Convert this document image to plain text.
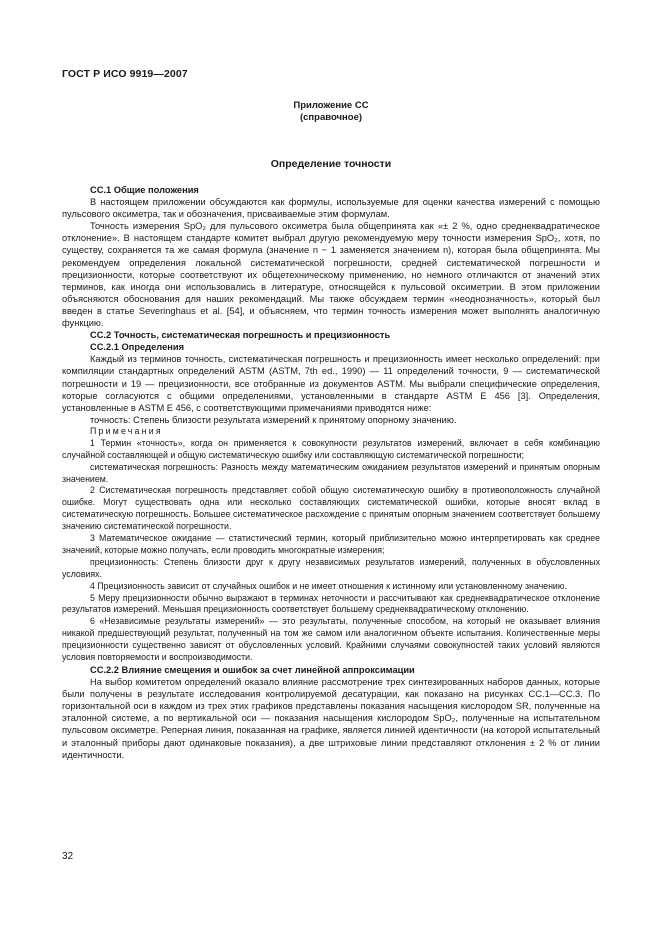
ГОСТ Р ИСО 9919—2007
Приложение СС
(справочное)
Определение точности

СС.1 Общие положения

В настоящем приложении обсуждаются как формулы, используемые для оценки качества измерений с помощью пульсового оксиметра, так и обозначения, присваиваемые этим формулам.

Точность измерения SpO₂ для пульсового оксиметра была общепринята как «± 2 %, одно среднеквадратическое отклонение». В настоящем стандарте комитет выбрал другую рекомендуемую меру точности измерения SpO₂, хотя, по существу, сохраняется та же самая формула (значение n − 1 заменяется значением n), которая была общепринята. Мы рекомендуем определения локальной систематической погрешности, средней систематической погрешности и прецизионности, которые соответствуют их общетехническому применению, но немного отличаются от значений этих терминов, как иногда они использовались в литературе, относящейся к пульсовой оксиметрии. В этом приложении объясняются обоснования для наших рекомендаций. Мы также обсуждаем термин «неоднозначность», который был введен в статье Severinghaus et al. [54], и объясняем, что термин точность измерения может выполнять аналогичную функцию.

СС.2 Точность, систематическая погрешность и прецизионность

СС.2.1 Определения

Каждый из терминов точность, систематическая погрешность и прецизионность имеет несколько определений: при компиляции стандартных определений ASTM (ASTM, 7th ed., 1990) — 11 определений точности, 9 — систематической погрешности и 19 — прецизионности, все отобранные из документов ASTM. Мы выбрали специфические определения, которые согласуются с общими определениями, установленными в стандарте ASTM E 456 [3]. Определения, установленные в ASTM E 456, с соответствующими примечаниями приводятся ниже:

точность: Степень близости результата измерений к принятому опорному значению.

Примечания

1 Термин «точность», когда он применяется к совокупности результатов измерений, включает в себя комбинацию случайной составляющей и общую систематическую ошибку или составляющую систематической погрешности;

систематическая погрешность: Разность между математическим ожиданием результатов измерений и принятым опорным значением.

2 Систематическая погрешность представляет собой общую систематическую ошибку в противоположность случайной ошибке. Могут существовать одна или несколько составляющих систематической ошибки, которые вносят вклад в систематическую погрешность. Большее систематическое расхождение с принятым опорным значением соответствует большему значению систематической погрешности.

3 Математическое ожидание — статистический термин, который приблизительно можно интерпретировать как среднее значений, которые можно получать, если проводить многократные измерения;

прецизионность: Степень близости друг к другу независимых результатов измерений, полученных в обусловленных условиях.

4 Прецизионность зависит от случайных ошибок и не имеет отношения к истинному или установленному значению.

5 Меру прецизионности обычно выражают в терминах неточности и рассчитывают как среднеквадратическое отклонение результатов измерений. Меньшая прецизионность соответствует большему среднеквадратическому отклонению.

6 «Независимые результаты измерений» — это результаты, полученные способом, на который не оказывает влияния никакой предшествующий результат, полученный на том же самом или аналогичном объекте испытания. Количественные меры прецизионности существенно зависят от обусловленных условий. Крайними случаями совокупностей таких условий являются условия повторяемости и воспроизводимости.

СС.2.2 Влияние смещения и ошибок за счет линейной аппроксимации

На выбор комитетом определений оказало влияние рассмотрение трех синтезированных наборов данных, которые были получены в результате исследования контролируемой десатурации, как показано на рисунках СС.1—СС.3. По горизонтальной оси в каждом из трех этих графиков представлены показания насыщения кислородом SR, полученные на эталонной системе, а по вертикальной оси — показания насыщения кислородом SpO₂, полученные на испытательном пульсовом оксиметре. Реперная линия, показанная на графике, является линией идентичности (на которой испытательный и эталонный приборы дают одинаковые показания), а две штриховые линии представляют отклонения ± 2 % от линии идентичности.

32
